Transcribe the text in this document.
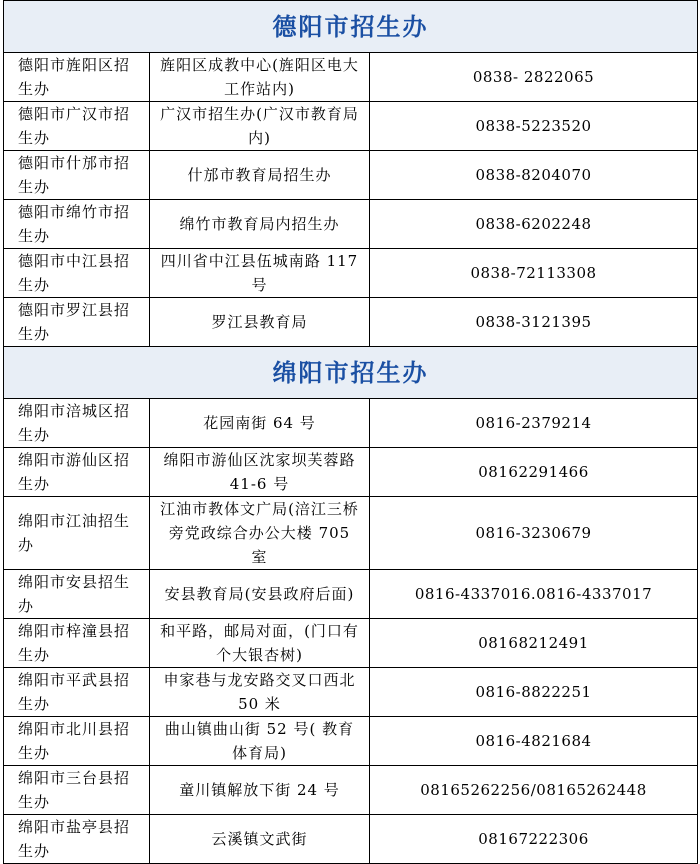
德阳市招生办		
德阳市旌阳区招生办	旌阳区成教中心(旌阳区电大工作站内)	0838- 2822065
德阳市广汉市招生办	广汉市招生办(广汉市教育局内)	0838-5223520
德阳市什邡市招生办	什邡市教育局招生办	0838-8204070
德阳市绵竹市招生办	绵竹市教育局内招生办	0838-6202248
德阳市中江县招生办	四川省中江县伍城南路 117 号	0838-72113308
德阳市罗江县招生办	罗江县教育局	0838-3121395
绵阳市招生办		
绵阳市涪城区招生办	花园南街 64 号	0816-2379214
绵阳市游仙区招生办	绵阳市游仙区沈家坝芙蓉路 41-6 号	08162291466
绵阳市江油招生办	江油市教体文广局(涪江三桥旁党政综合办公大楼 705 室	0816-3230679
绵阳市安县招生办	安县教育局(安县政府后面)	0816-4337016.0816-4337017
绵阳市梓潼县招生办	和平路，邮局对面，(门口有个大银杏树)	08168212491
绵阳市平武县招生办	申家巷与龙安路交叉口西北 50 米	0816-8822251
绵阳市北川县招生办	曲山镇曲山街 52 号( 教育体育局)	0816-4821684
绵阳市三台县招生办	童川镇解放下街 24 号	08165262256/08165262448
绵阳市盐亭县招生办	云溪镇文武街	08167222306
